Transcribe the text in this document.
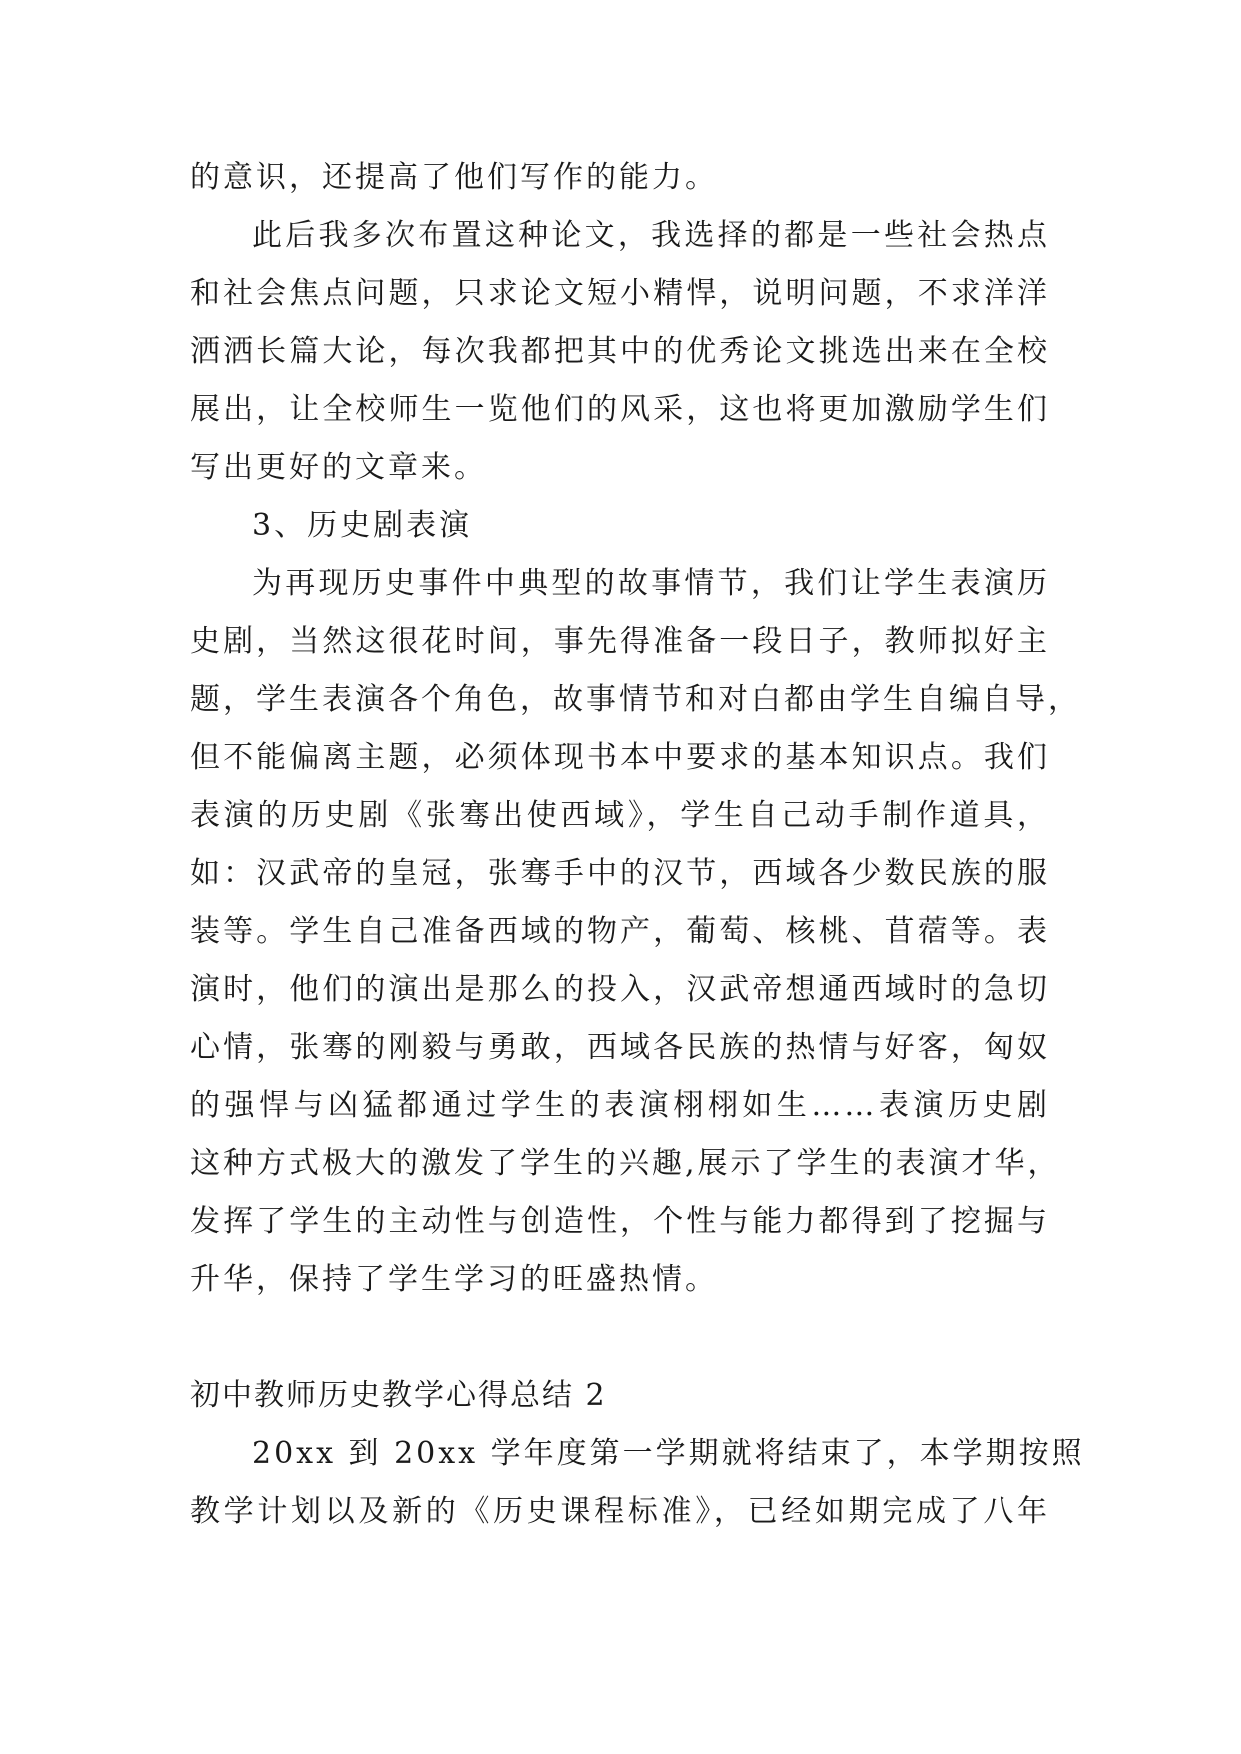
的意识，还提高了他们写作的能力。
此后我多次布置这种论文，我选择的都是一些社会热点
和社会焦点问题，只求论文短小精悍，说明问题，不求洋洋
洒洒长篇大论，每次我都把其中的优秀论文挑选出来在全校
展出，让全校师生一览他们的风采，这也将更加激励学生们
写出更好的文章来。
3、历史剧表演
为再现历史事件中典型的故事情节，我们让学生表演历
史剧，当然这很花时间，事先得准备一段日子，教师拟好主
题，学生表演各个角色，故事情节和对白都由学生自编自导，
但不能偏离主题，必须体现书本中要求的基本知识点。我们
表演的历史剧《张骞出使西域》，学生自己动手制作道具，
如：汉武帝的皇冠，张骞手中的汉节，西域各少数民族的服
装等。学生自己准备西域的物产，葡萄、核桃、苜蓿等。表
演时，他们的演出是那么的投入，汉武帝想通西域时的急切
心情，张骞的刚毅与勇敢，西域各民族的热情与好客，匈奴
的强悍与凶猛都通过学生的表演栩栩如生……表演历史剧
这种方式极大的激发了学生的兴趣,展示了学生的表演才华，
发挥了学生的主动性与创造性，个性与能力都得到了挖掘与
升华，保持了学生学习的旺盛热情。
初中教师历史教学心得总结 2
20xx 到 20xx 学年度第一学期就将结束了，本学期按照
教学计划以及新的《历史课程标准》，已经如期完成了八年
